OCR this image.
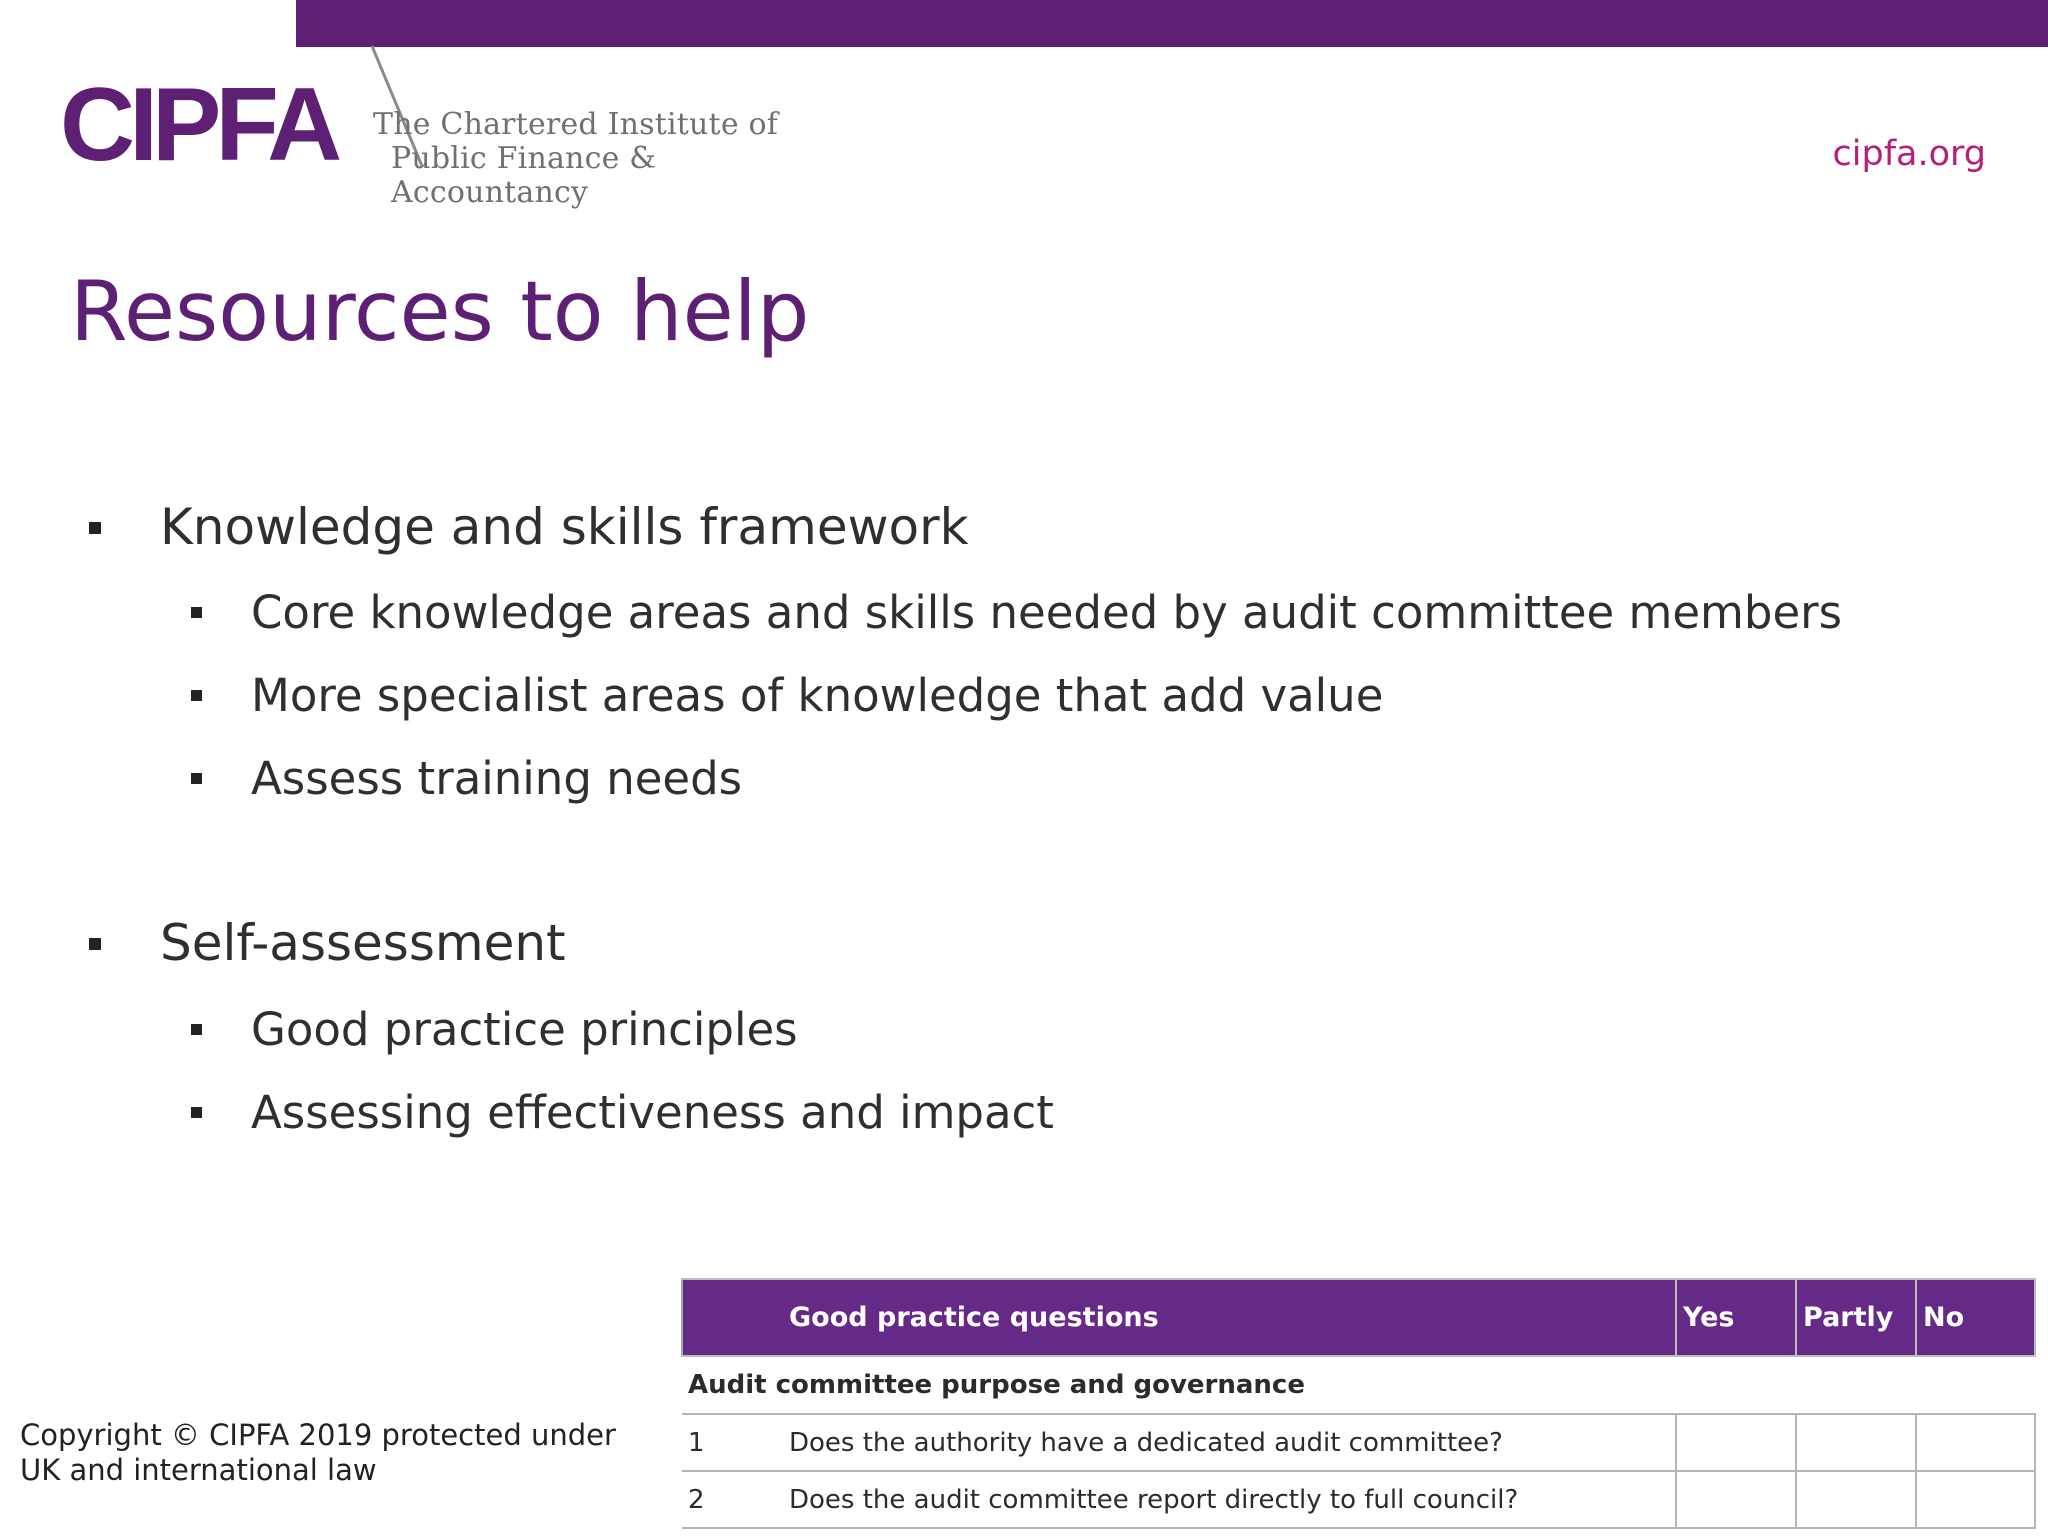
CIPFA The Chartered Institute of
Public Finance & Accountancy
cipfa.org
Resources to help
Knowledge and skills framework
Core knowledge areas and skills needed by audit committee members
More specialist areas of knowledge that add value
Assess training needs
Self-assessment
Good practice principles
Assessing effectiveness and impact
Copyright © CIPFA 2019 protected under
UK and international law
	Good practice questions	Yes	Partly	No
Audit committee purpose and governance				
1	Does the authority have a dedicated audit committee?			
2	Does the audit committee report directly to full council?			
